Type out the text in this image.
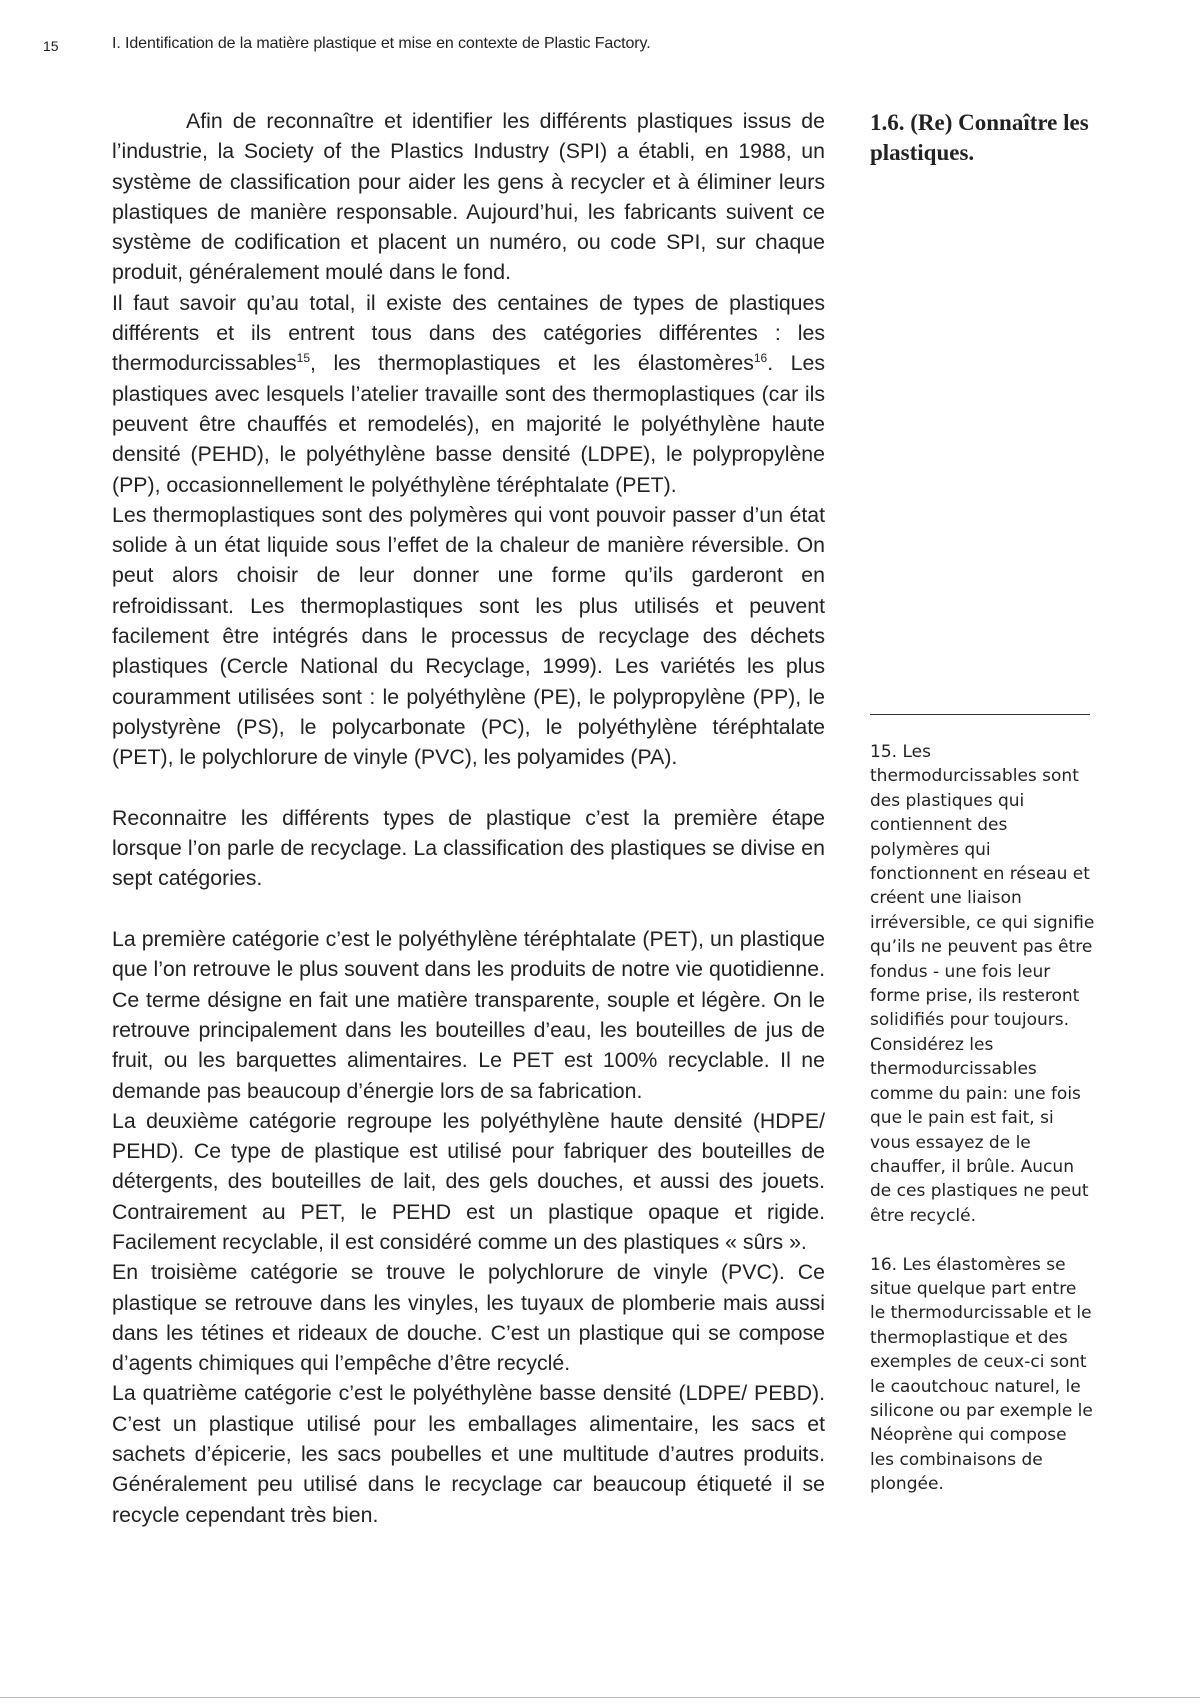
15	I. Identification de la matière plastique et mise en contexte de Plastic Factory.

Afin de reconnaître et identifier les différents plastiques issus de l’industrie, la Society of the Plastics Industry (SPI) a établi, en 1988, un système de classification pour aider les gens à recycler et à éliminer leurs plastiques de manière responsable. Aujourd’hui, les fabricants suivent ce système de codification et placent un numéro, ou code SPI, sur chaque produit, généralement moulé dans le fond.

Il faut savoir qu’au total, il existe des centaines de types de plastiques différents et ils entrent tous dans des catégories différentes : les thermodurcissables$^{15}$, les thermoplastiques et les élastomères$^{16}$. Les plastiques avec lesquels l’atelier travaille sont des thermoplastiques (car ils peuvent être chauffés et remodelés), en majorité le polyéthylène haute densité (PEHD), le polyéthylène basse densité (LDPE), le polypropylène (PP), occasionnellement le polyéthylène téréphtalate (PET).

Les thermoplastiques sont des polymères qui vont pouvoir passer d’un état solide à un état liquide sous l’effet de la chaleur de manière réversible. On peut alors choisir de leur donner une forme qu’ils garderont en refroidissant. Les thermoplastiques sont les plus utilisés et peuvent facilement être intégrés dans le processus de recyclage des déchets plastiques (Cercle National du Recyclage, 1999). Les variétés les plus couramment utilisées sont : le polyéthylène (PE), le polypropylène (PP), le polystyrène (PS), le polycarbonate (PC), le polyéthylène téréphtalate (PET), le polychlorure de vinyle (PVC), les polyamides (PA).

Reconnaitre les différents types de plastique c’est la première étape lorsque l’on parle de recyclage. La classification des plastiques se divise en sept catégories.

La première catégorie c’est le polyéthylène téréphtalate (PET), un plastique que l’on retrouve le plus souvent dans les produits de notre vie quotidienne. Ce terme désigne en fait une matière transparente, souple et légère. On le retrouve principalement dans les bouteilles d’eau, les bouteilles de jus de fruit, ou les barquettes alimentaires. Le PET est 100% recyclable. Il ne demande pas beaucoup d’énergie lors de sa fabrication.

La deuxième catégorie regroupe les polyéthylène haute densité (HDPE/ PEHD). Ce type de plastique est utilisé pour fabriquer des bouteilles de détergents, des bouteilles de lait, des gels douches, et aussi des jouets. Contrairement au PET, le PEHD est un plastique opaque et rigide. Facilement recyclable, il est considéré comme un des plastiques « sûrs ».

En troisième catégorie se trouve le polychlorure de vinyle (PVC). Ce plastique se retrouve dans les vinyles, les tuyaux de plomberie mais aussi dans les tétines et rideaux de douche. C’est un plastique qui se compose d’agents chimiques qui l’empêche d’être recyclé.

La quatrième catégorie c’est le polyéthylène basse densité (LDPE/ PEBD). C’est un plastique utilisé pour les emballages alimentaire, les sacs et sachets d’épicerie, les sacs poubelles et une multitude d’autres produits. Généralement peu utilisé dans le recyclage car beaucoup étiqueté il se recycle cependant très bien.

1.6. (Re) Connaître les plastiques.

15. Les thermodurcissables sont des plastiques qui contiennent des polymères qui fonctionnent en réseau et créent une liaison irréversible, ce qui signifie qu’ils ne peuvent pas être fondus - une fois leur forme prise, ils resteront solidifiés pour toujours. Considérez les thermodurcissables comme du pain: une fois que le pain est fait, si vous essayez de le chauffer, il brûle. Aucun de ces plastiques ne peut être recyclé.

16. Les élastomères se situe quelque part entre le thermodurcissable et le thermoplastique et des exemples de ceux-ci sont le caoutchouc naturel, le silicone ou par exemple le Néoprène qui compose les combinaisons de plongée.
